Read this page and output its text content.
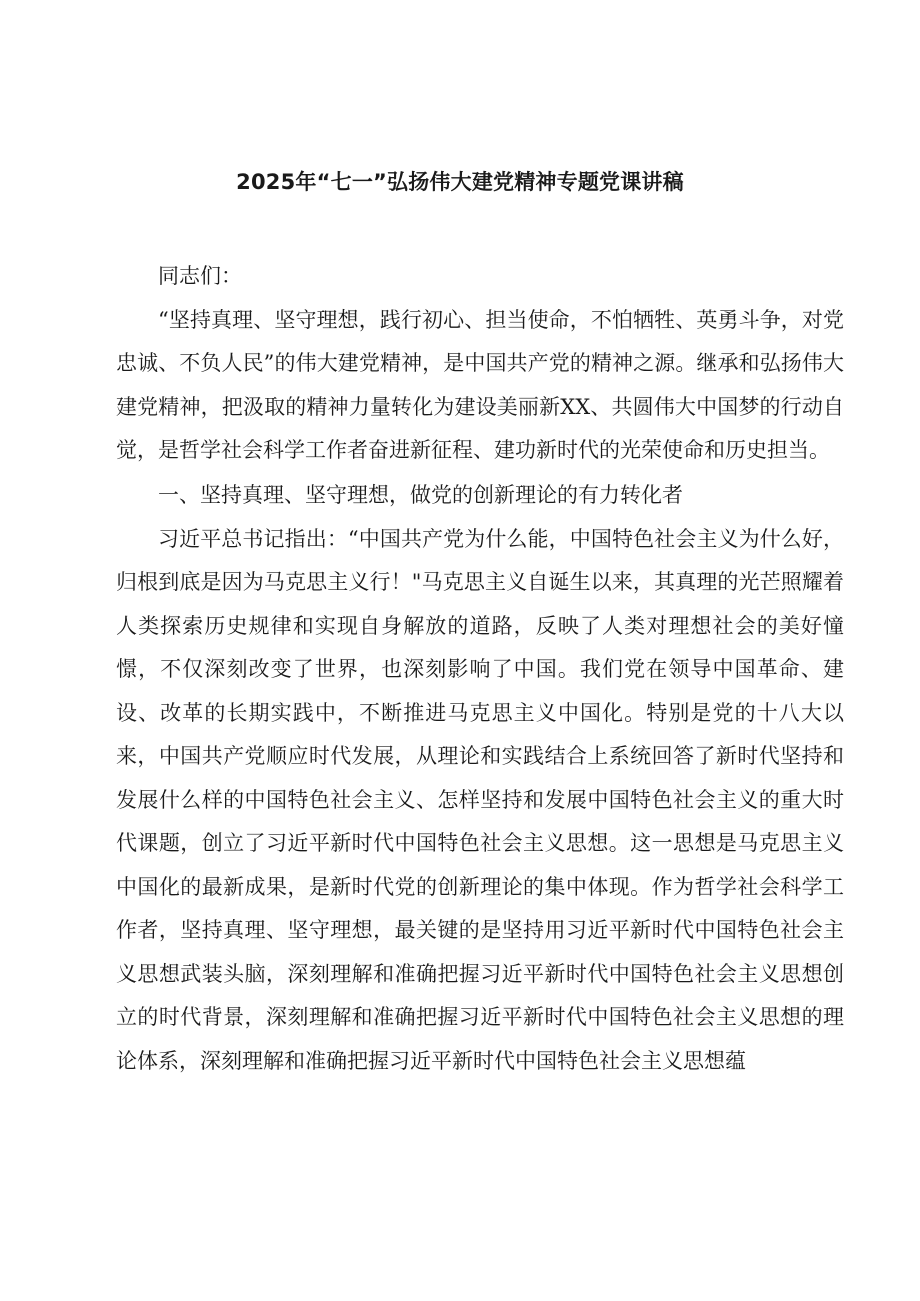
2025年“七一”弘扬伟大建党精神专题党课讲稿

同志们：

“坚持真理、坚守理想，践行初心、担当使命，不怕牺牲、英勇斗争，对党忠诚、不负人民”的伟大建党精神，是中国共产党的精神之源。继承和弘扬伟大建党精神，把汲取的精神力量转化为建设美丽新XX、共圆伟大中国梦的行动自觉，是哲学社会科学工作者奋进新征程、建功新时代的光荣使命和历史担当。

一、坚持真理、坚守理想，做党的创新理论的有力转化者

习近平总书记指出：“中国共产党为什么能，中国特色社会主义为什么好，归根到底是因为马克思主义行！"马克思主义自诞生以来，其真理的光芒照耀着人类探索历史规律和实现自身解放的道路，反映了人类对理想社会的美好憧憬，不仅深刻改变了世界，也深刻影响了中国。我们党在领导中国革命、建设、改革的长期实践中，不断推进马克思主义中国化。特别是党的十八大以来，中国共产党顺应时代发展，从理论和实践结合上系统回答了新时代坚持和发展什么样的中国特色社会主义、怎样坚持和发展中国特色社会主义的重大时代课题，创立了习近平新时代中国特色社会主义思想。这一思想是马克思主义中国化的最新成果，是新时代党的创新理论的集中体现。作为哲学社会科学工作者，坚持真理、坚守理想，最关键的是坚持用习近平新时代中国特色社会主义思想武装头脑，深刻理解和准确把握习近平新时代中国特色社会主义思想创立的时代背景，深刻理解和准确把握习近平新时代中国特色社会主义思想的理论体系，深刻理解和准确把握习近平新时代中国特色社会主义思想蕴
